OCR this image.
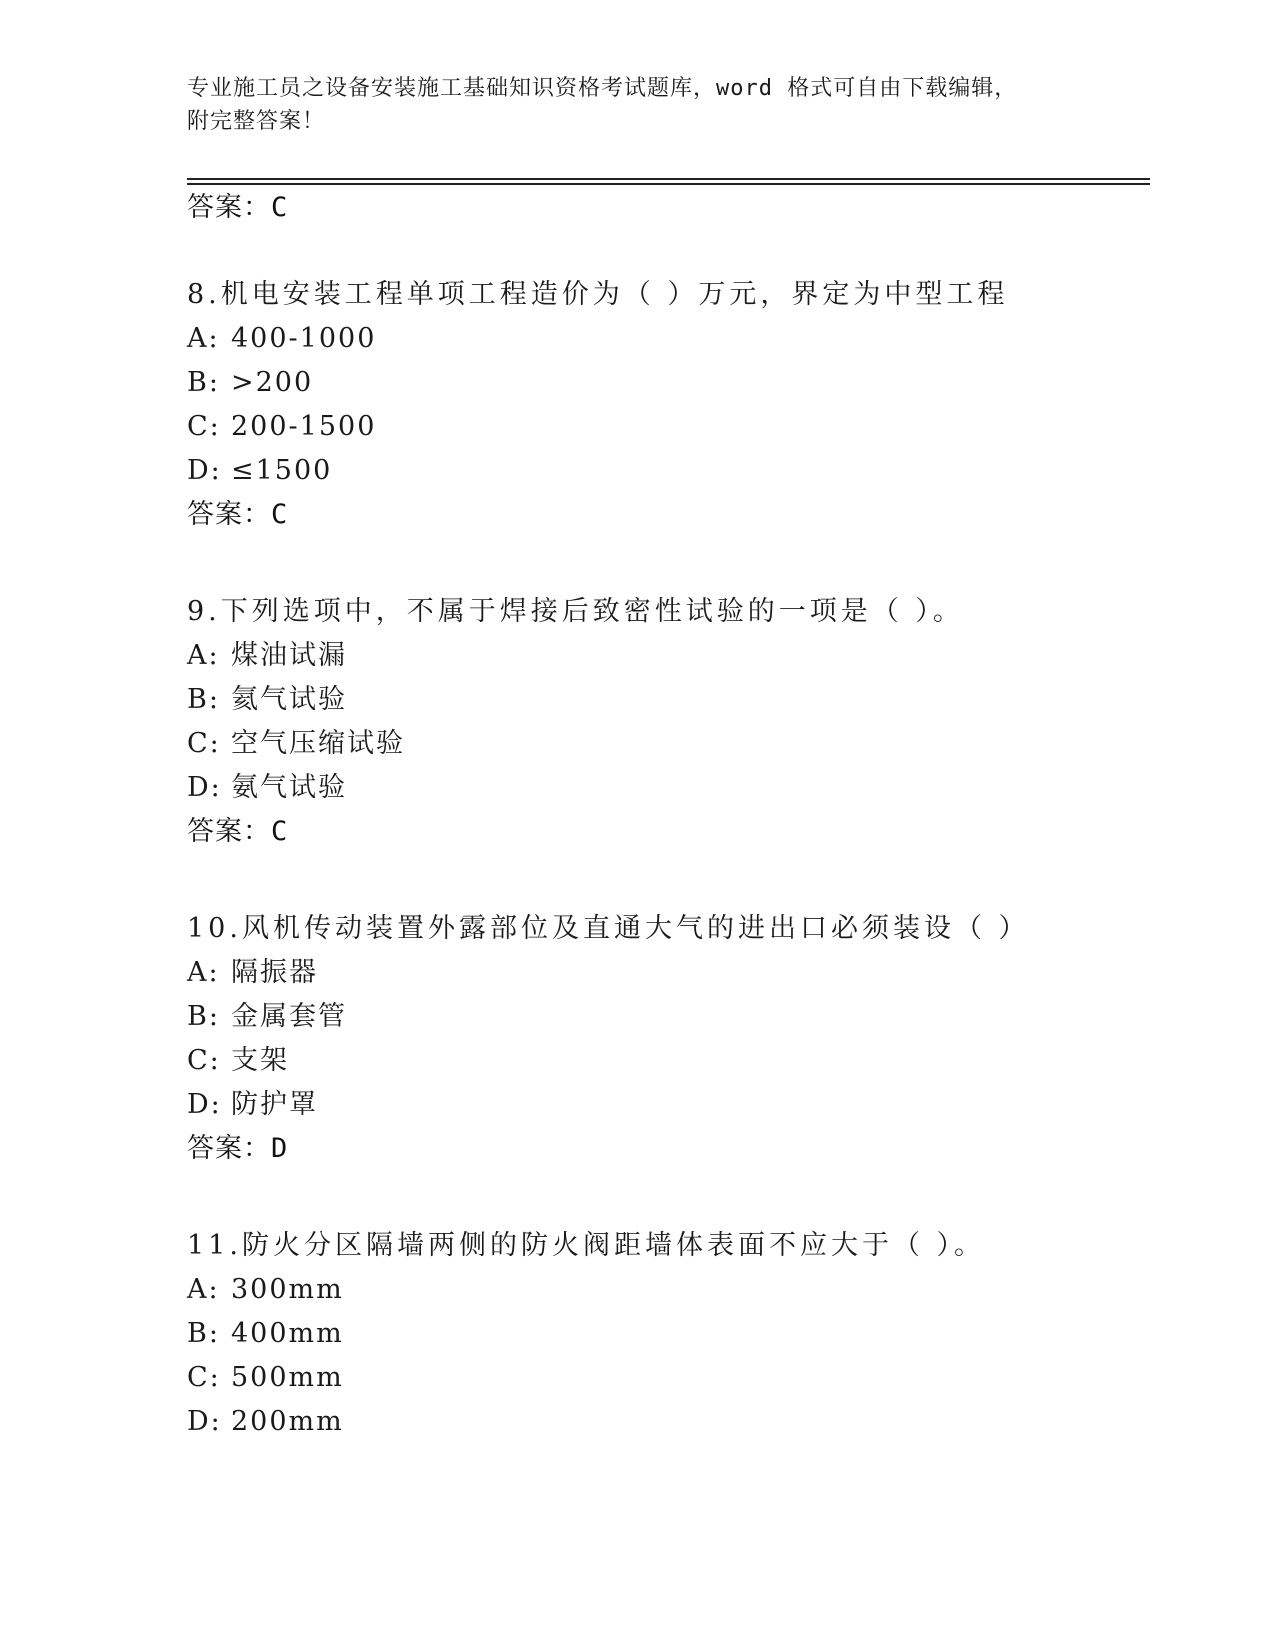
专业施工员之设备安装施工基础知识资格考试题库，word 格式可自由下载编辑，
附完整答案！
答案：C
8.机电安装工程单项工程造价为（ ）万元，界定为中型工程
A: 400-1000
B: >200
C: 200-1500
D: ≤1500
答案：C
9.下列选项中，不属于焊接后致密性试验的一项是（ ）。
A: 煤油试漏
B: 氦气试验
C: 空气压缩试验
D: 氨气试验
答案：C
10.风机传动装置外露部位及直通大气的进出口必须装设（ ）
A: 隔振器
B: 金属套管
C: 支架
D: 防护罩
答案：D
11.防火分区隔墙两侧的防火阀距墙体表面不应大于（ ）。
A: 300mm
B: 400mm
C: 500mm
D: 200mm
